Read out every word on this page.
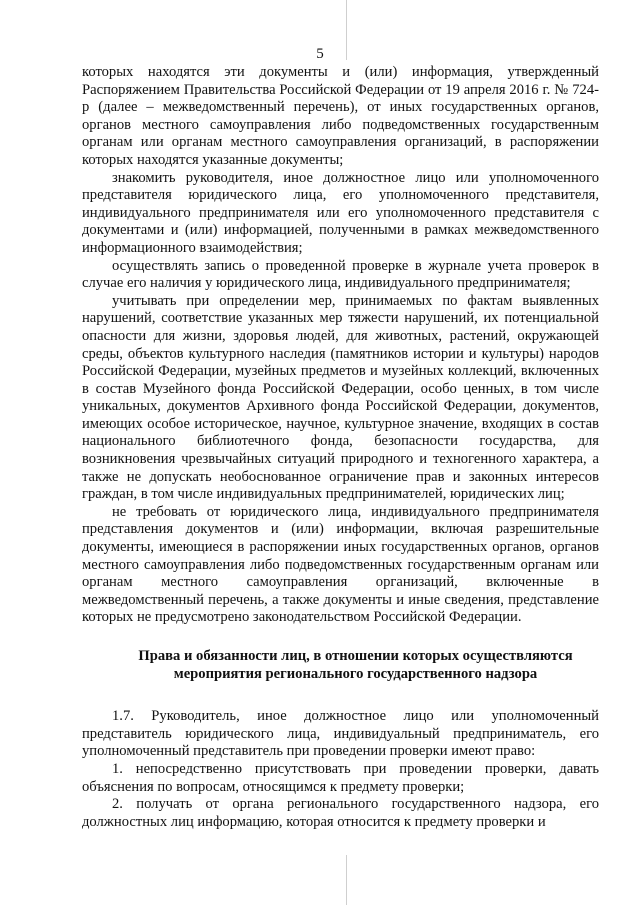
5

которых находятся эти документы и (или) информация, утвержденный Распоряжением Правительства Российской Федерации от 19 апреля 2016 г. № 724-р (далее – межведомственный перечень), от иных государственных органов, органов местного самоуправления либо подведомственных государственным органам или органам местного самоуправления организаций, в распоряжении которых находятся указанные документы;

знакомить руководителя, иное должностное лицо или уполномоченного представителя юридического лица, его уполномоченного представителя, индивидуального предпринимателя или его уполномоченного представителя с документами и (или) информацией, полученными в рамках межведомственного информационного взаимодействия;

осуществлять запись о проведенной проверке в журнале учета проверок в случае его наличия у юридического лица, индивидуального предпринимателя;

учитывать при определении мер, принимаемых по фактам выявленных нарушений, соответствие указанных мер тяжести нарушений, их потенциальной опасности для жизни, здоровья людей, для животных, растений, окружающей среды, объектов культурного наследия (памятников истории и культуры) народов Российской Федерации, музейных предметов и музейных коллекций, включенных в состав Музейного фонда Российской Федерации, особо ценных, в том числе уникальных, документов Архивного фонда Российской Федерации, документов, имеющих особое историческое, научное, культурное значение, входящих в состав национального библиотечного фонда, безопасности государства, для возникновения чрезвычайных ситуаций природного и техногенного характера, а также не допускать необоснованное ограничение прав и законных интересов граждан, в том числе индивидуальных предпринимателей, юридических лиц;

не требовать от юридического лица, индивидуального предпринимателя представления документов и (или) информации, включая разрешительные документы, имеющиеся в распоряжении иных государственных органов, органов местного самоуправления либо подведомственных государственным органам или органам местного самоуправления организаций, включенные в межведомственный перечень, а также документы и иные сведения, представление которых не предусмотрено законодательством Российской Федерации.

Права и обязанности лиц, в отношении которых осуществляются
мероприятия регионального государственного надзора

1.7. Руководитель, иное должностное лицо или уполномоченный представитель юридического лица, индивидуальный предприниматель, его уполномоченный представитель при проведении проверки имеют право:

1. непосредственно присутствовать при проведении проверки, давать объяснения по вопросам, относящимся к предмету проверки;

2. получать от органа регионального государственного надзора, его должностных лиц информацию, которая относится к предмету проверки и
